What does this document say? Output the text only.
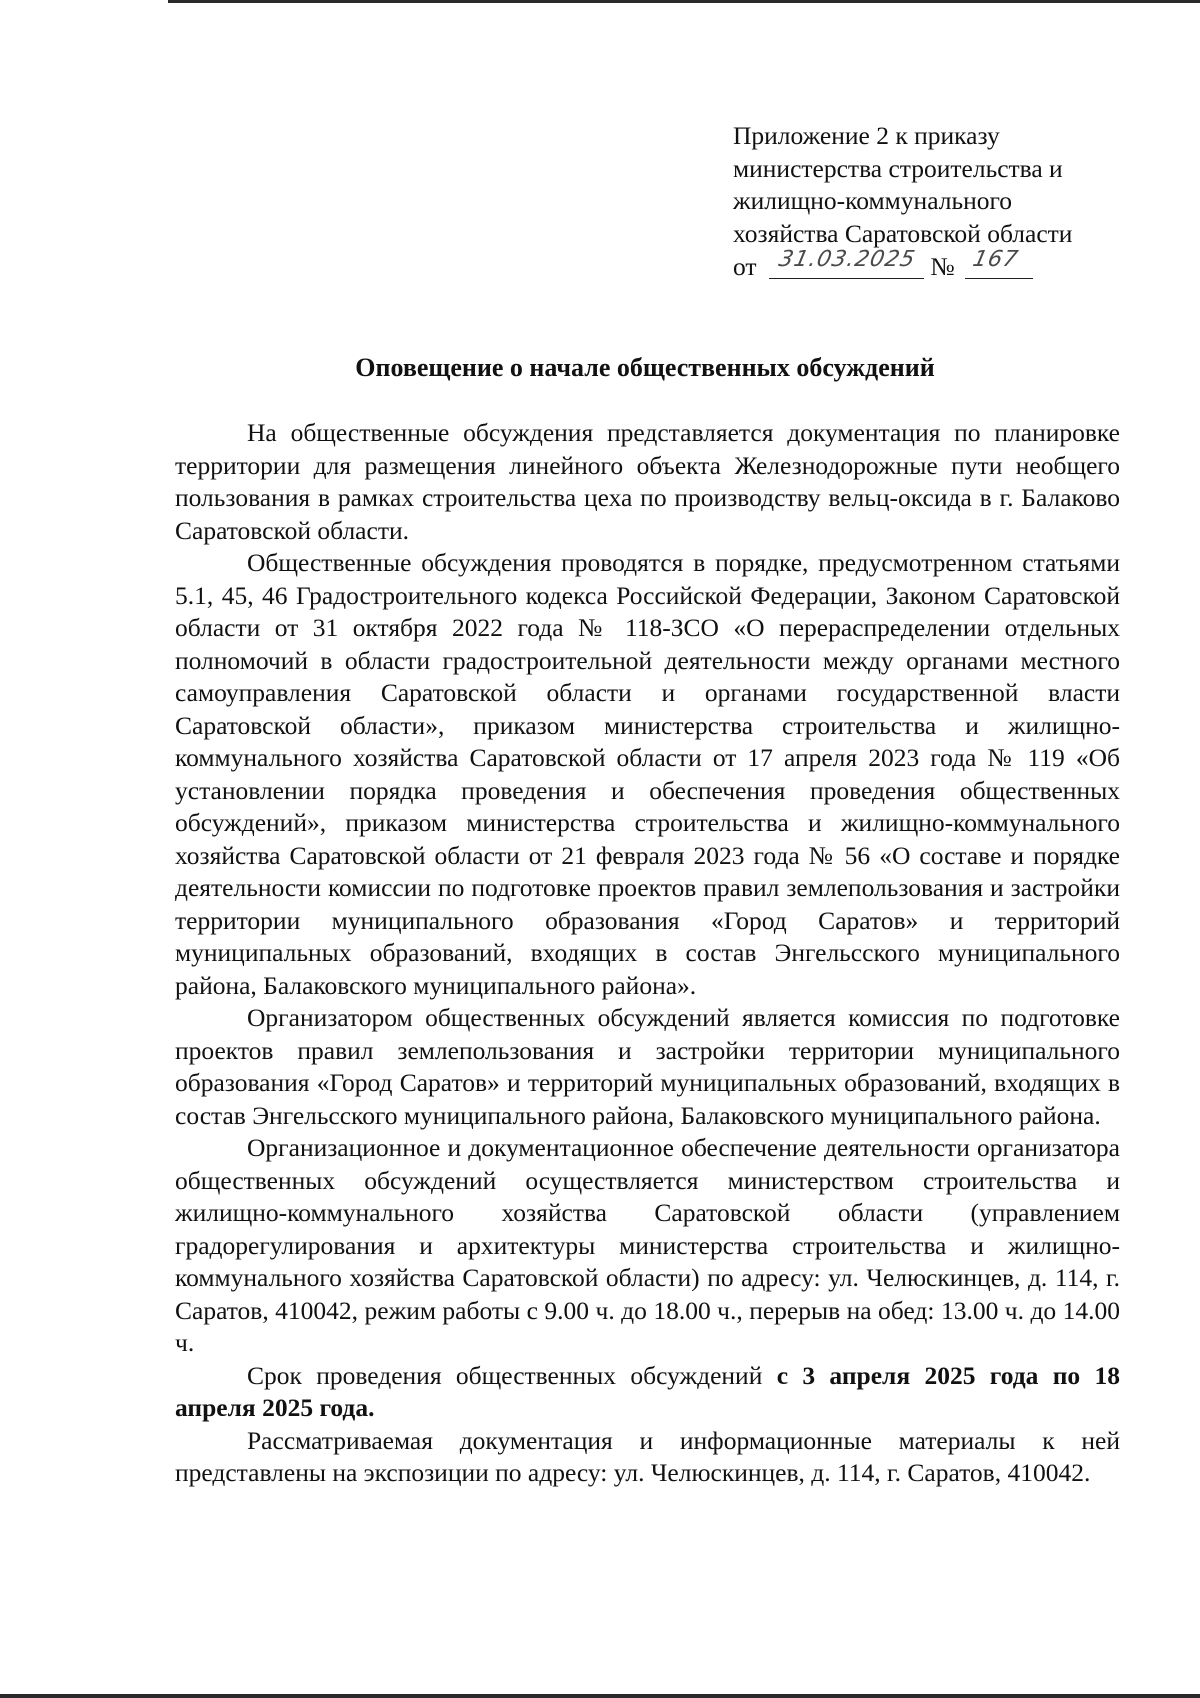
Приложение 2 к приказу
министерства строительства и
жилищно-коммунального
хозяйства Саратовской области
от 31.03.2025 № 167
Оповещение о начале общественных обсуждений

На общественные обсуждения представляется документация по планировке территории для размещения линейного объекта Железнодорожные пути необщего пользования в рамках строительства цеха по производству вельц-оксида в г. Балаково Саратовской области.

Общественные обсуждения проводятся в порядке, предусмотренном статьями 5.1, 45, 46 Градостроительного кодекса Российской Федерации, Законом Саратовской области от 31 октября 2022 года № 118-ЗСО «О перераспределении отдельных полномочий в области градостроительной деятельности между органами местного самоуправления Саратовской области и органами государственной власти Саратовской области», приказом министерства строительства и жилищно-коммунального хозяйства Саратовской области от 17 апреля 2023 года № 119 «Об установлении порядка проведения и обеспечения проведения общественных обсуждений», приказом министерства строительства и жилищно-коммунального хозяйства Саратовской области от 21 февраля 2023 года № 56 «О составе и порядке деятельности комиссии по подготовке проектов правил землепользования и застройки территории муниципального образования «Город Саратов» и территорий муниципальных образований, входящих в состав Энгельсского муниципального района, Балаковского муниципального района».

Организатором общественных обсуждений является комиссия по подготовке проектов правил землепользования и застройки территории муниципального образования «Город Саратов» и территорий муниципальных образований, входящих в состав Энгельсского муниципального района, Балаковского муниципального района.

Организационное и документационное обеспечение деятельности организатора общественных обсуждений осуществляется министерством строительства и жилищно-коммунального хозяйства Саратовской области (управлением градорегулирования и архитектуры министерства строительства и жилищно-коммунального хозяйства Саратовской области) по адресу: ул. Челюскинцев, д. 114, г. Саратов, 410042, режим работы с 9.00 ч. до 18.00 ч., перерыв на обед: 13.00 ч. до 14.00 ч.

Срок проведения общественных обсуждений с 3 апреля 2025 года по 18 апреля 2025 года.

Рассматриваемая документация и информационные материалы к ней представлены на экспозиции по адресу: ул. Челюскинцев, д. 114, г. Саратов, 410042.
